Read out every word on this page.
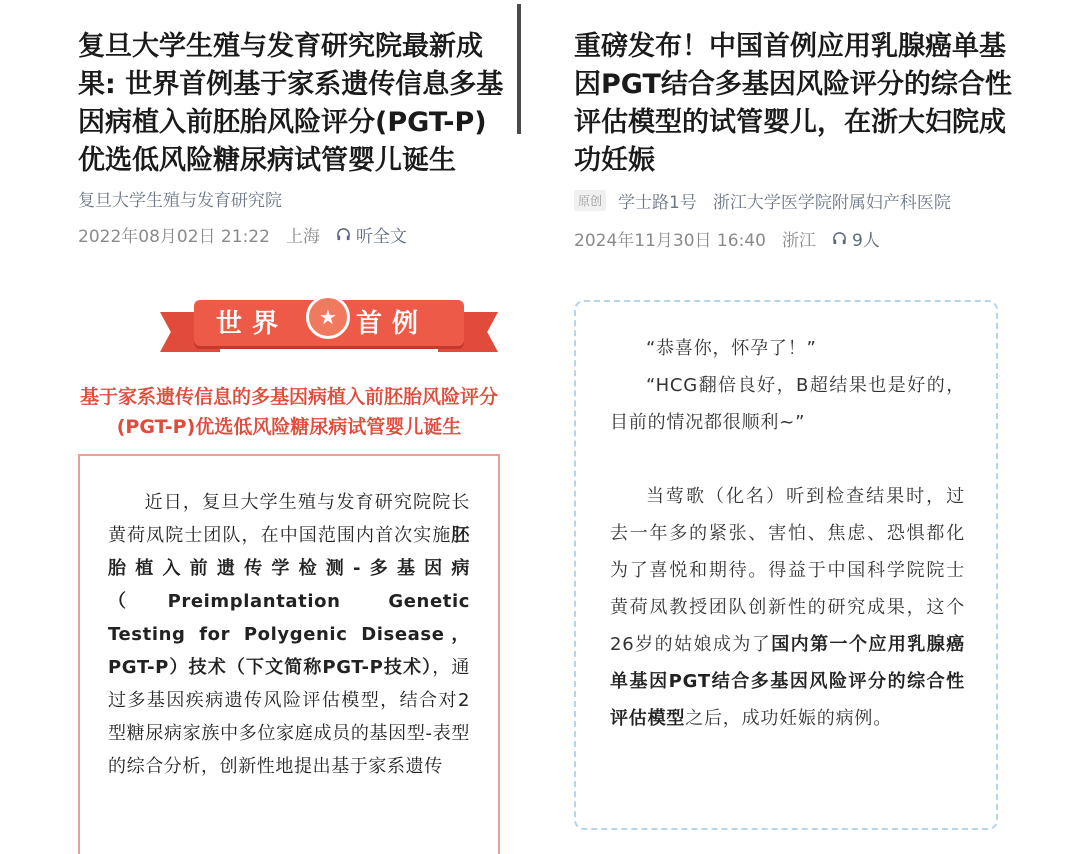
复旦大学生殖与发育研究院最新成果: 世界首例基于家系遗传信息多基因病植入前胚胎风险评分(PGT-P)优选低风险糖尿病试管婴儿诞生
复旦大学生殖与发育研究院
2022年08月02日 21:22 上海 听全文
世界 ★ 首例
基于家系遗传信息的多基因病植入前胚胎风险评分(PGT-P)优选低风险糖尿病试管婴儿诞生
近日，复旦大学生殖与发育研究院院长黄荷凤院士团队，在中国范围内首次实施胚胎植入前遗传学检测-多基因病（Preimplantation Genetic Testing for Polygenic Disease，PGT-P）技术（下文简称PGT-P技术），通过多基因疾病遗传风险评估模型，结合对2型糖尿病家族中多位家庭成员的基因型-表型的综合分析，创新性地提出基于家系遗传
重磅发布！中国首例应用乳腺癌单基因PGT结合多基因风险评分的综合性评估模型的试管婴儿，在浙大妇院成功妊娠
原创 学士路1号 浙江大学医学院附属妇产科医院
2024年11月30日 16:40 浙江 9人

“恭喜你，怀孕了！”

“HCG翻倍良好，B超结果也是好的，目前的情况都很顺利~”

当莺歌（化名）听到检查结果时，过去一年多的紧张、害怕、焦虑、恐惧都化为了喜悦和期待。得益于中国科学院院士黄荷凤教授团队创新性的研究成果，这个26岁的姑娘成为了国内第一个应用乳腺癌单基因PGT结合多基因风险评分的综合性评估模型之后，成功妊娠的病例。
